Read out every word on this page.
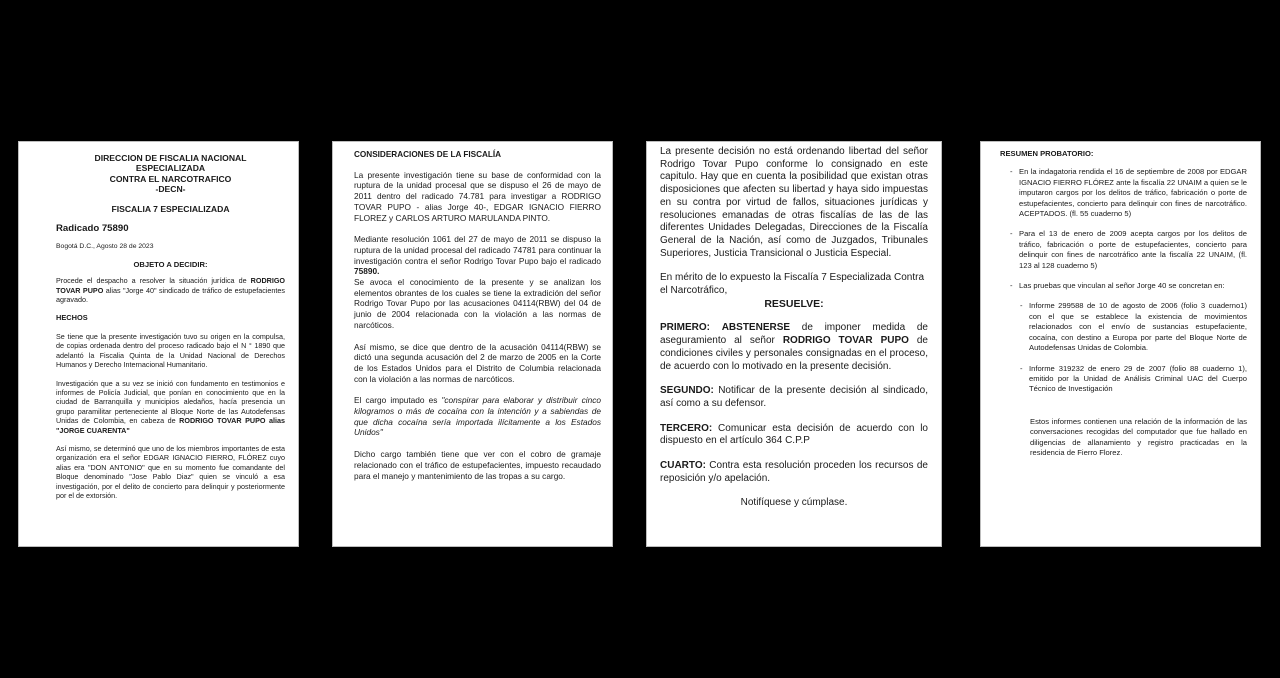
DIRECCION DE FISCALIA NACIONAL
ESPECIALIZADA
CONTRA EL NARCOTRAFICO
-DECN-
FISCALIA 7 ESPECIALIZADA
Radicado 75890
Bogotá D.C., Agosto 28 de 2023
OBJETO A DECIDIR:

Procede el despacho a resolver la situación jurídica de RODRIGO TOVAR PUPO alias "Jorge 40" sindicado de tráfico de estupefacientes agravado.

HECHOS

Se tiene que la presente investigación tuvo su origen en la compulsa, de copias ordenada dentro del proceso radicado bajo el N ° 1890 que adelantó la Fiscalia Quinta de la Unidad Nacional de Derechos Humanos y Derecho Internacional Humanitario.

Investigación que a su vez se inició con fundamento en testimonios e informes de Policía Judicial, que ponían en conocimiento que en la ciudad de Barranquilla y municipios aledaños, hacía presencia un grupo paramilitar perteneciente al Bloque Norte de las Autodefensas Unidas de Colombia, en cabeza de RODRIGO TOVAR PUPO alias "JORGE CUARENTA"

Así mismo, se determinó que uno de los miembros importantes de esta organización era el señor EDGAR IGNACIO FIERRO, FLÓREZ cuyo alias era "DON ANTONIO" que en su momento fue comandante del Bloque denominado "Jose Pablo Diaz" quien se vinculó a esa investigación, por el delito de concierto para delinquir y posteriormente por el de extorsión.

CONSIDERACIONES DE LA FISCALÍA

La presente investigación tiene su base de conformidad con la ruptura de la unidad procesal que se dispuso el 26 de mayo de 2011 dentro del radicado 74.781 para investigar a RODRIGO TOVAR PUPO - alias Jorge 40-, EDGAR IGNACIO FIERRO FLOREZ y CARLOS ARTURO MARULANDA PINTO.

Mediante resolución 1061 del 27 de mayo de 2011 se dispuso la ruptura de la unidad procesal del radicado 74781 para continuar la investigación contra el señor Rodrigo Tovar Pupo bajo el radicado 75890.

Se avoca el conocimiento de la presente y se analizan los elementos obrantes de los cuales se tiene la extradición del señor Rodrigo Tovar Pupo por las acusaciones 04114(RBW) del 04 de junio de 2004 relacionada con la violación a las normas de narcóticos.

Así mismo, se dice que dentro de la acusación 04114(RBW) se dictó una segunda acusación del 2 de marzo de 2005 en la Corte de los Estados Unidos para el Distrito de Columbia relacionada con la violación a las normas de narcóticos.

El cargo imputado es "conspirar para elaborar y distribuir cinco kilogramos o más de cocaína con la intención y a sabiendas de que dicha cocaína sería importada ilícitamente a los Estados Unidos"

Dicho cargo también tiene que ver con el cobro de gramaje relacionado con el tráfico de estupefacientes, impuesto recaudado para el manejo y mantenimiento de las tropas a su cargo.

La presente decisión no está ordenando libertad del señor Rodrigo Tovar Pupo conforme lo consignado en este capitulo. Hay que en cuenta la posibilidad que existan otras disposiciones que afecten su libertad y haya sido impuestas en su contra por virtud de fallos, situaciones jurídicas y resoluciones emanadas de otras fiscalías de las de las diferentes Unidades Delegadas, Direcciones de la Fiscalía General de la Nación, así como de Juzgados, Tribunales Superiores, Justicia Transicional o Justicia Especial.

En mérito de lo expuesto la Fiscalía 7 Especializada Contra el Narcotráfico,

RESUELVE:

PRIMERO: ABSTENERSE de imponer medida de aseguramiento al señor RODRIGO TOVAR PUPO de condiciones civiles y personales consignadas en el proceso, de acuerdo con lo motivado en la presente decisión.

SEGUNDO: Notificar de la presente decisión al sindicado, así como a su defensor.

TERCERO: Comunicar esta decisión de acuerdo con lo dispuesto en el artículo 364 C.P.P

CUARTO: Contra esta resolución proceden los recursos de reposición y/o apelación.

Notifíquese y cúmplase.

RESUMEN PROBATORIO:

- En la indagatoria rendida el 16 de septiembre de 2008 por EDGAR IGNACIO FIERRO FLÓREZ ante la fiscalía 22 UNAIM a quien se le imputaron cargos por los delitos de tráfico, fabricación o porte de estupefacientes, concierto para delinquir con fines de narcotráfico. ACEPTADOS. (fl. 55 cuaderno 5)

- Para el 13 de enero de 2009 acepta cargos por los delitos de tráfico, fabricación o porte de estupefacientes, concierto para delinquir con fines de narcotráfico ante la fiscalía 22 UNAIM, (fl. 123 al 128 cuaderno 5)

- Las pruebas que vinculan al señor Jorge 40 se concretan en:

- Informe 299588 de 10 de agosto de 2006 (folio 3 cuaderno1) con el que se establece la existencia de movimientos relacionados con el envío de sustancias estupefaciente, cocaína, con destino a Europa por parte del Bloque Norte de Autodefensas Unidas de Colombia.

- Informe 319232 de enero 29 de 2007 (folio 88 cuaderno 1), emitido por la Unidad de Análisis Criminal UAC del Cuerpo Técnico de Investigación

Estos informes contienen una relación de la información de las conversaciones recogidas del computador que fue hallado en diligencias de allanamiento y registro practicadas en la residencia de Fierro Florez.
